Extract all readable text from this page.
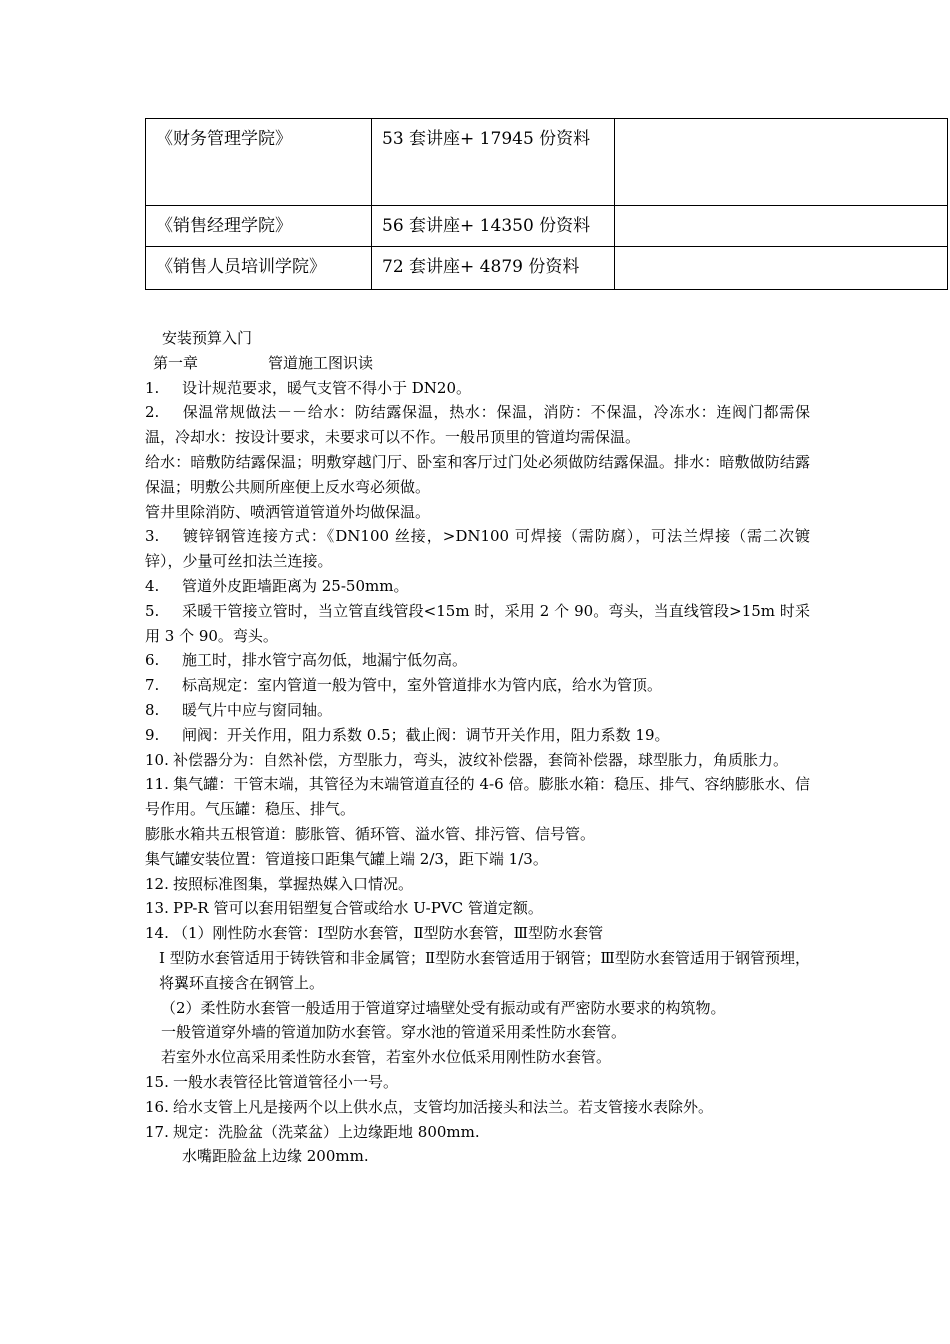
《财务管理学院》	53 套讲座+ 17945 份资料	
《销售经理学院》	56 套讲座+ 14350 份资料	
《销售人员培训学院》	72 套讲座+ 4879 份资料	

安装预算入门

第一章	管道施工图识读

1. 设计规范要求，暖气支管不得小于 DN20。

2. 保温常规做法－－给水：防结露保温，热水：保温，消防：不保温，冷冻水：连阀门都需保温，冷却水：按设计要求，未要求可以不作。一般吊顶里的管道均需保温。

给水：暗敷防结露保温；明敷穿越门厅、卧室和客厅过门处必须做防结露保温。排水：暗敷做防结露保温；明敷公共厕所座便上反水弯必须做。

管井里除消防、喷洒管道管道外均做保温。

3. 镀锌钢管连接方式：《DN100 丝接，>DN100 可焊接（需防腐），可法兰焊接（需二次镀锌），少量可丝扣法兰连接。

4. 管道外皮距墙距离为 25-50mm。

5. 采暖干管接立管时，当立管直线管段<15m 时，采用 2 个 90。弯头，当直线管段>15m 时采用 3 个 90。弯头。

6. 施工时，排水管宁高勿低，地漏宁低勿高。

7. 标高规定：室内管道一般为管中，室外管道排水为管内底，给水为管顶。

8. 暖气片中应与窗同轴。

9. 闸阀：开关作用，阻力系数 0.5；截止阀：调节开关作用，阻力系数 19。

10. 补偿器分为：自然补偿，方型胀力，弯头，波纹补偿器，套筒补偿器，球型胀力，角质胀力。

11. 集气罐：干管末端，其管径为末端管道直径的 4-6 倍。膨胀水箱：稳压、排气、容纳膨胀水、信号作用。气压罐：稳压、排气。

膨胀水箱共五根管道：膨胀管、循环管、溢水管、排污管、信号管。

集气罐安装位置：管道接口距集气罐上端 2/3，距下端 1/3。

12. 按照标准图集，掌握热媒入口情况。

13. PP-R 管可以套用铝塑复合管或给水 U-PVC 管道定额。

14. （1）刚性防水套管：Ⅰ型防水套管，Ⅱ型防水套管，Ⅲ型防水套管

Ⅰ 型防水套管适用于铸铁管和非金属管；Ⅱ型防水套管适用于钢管；Ⅲ型防水套管适用于钢管预埋，将翼环直接含在钢管上。

（2）柔性防水套管一般适用于管道穿过墙壁处受有振动或有严密防水要求的构筑物。

一般管道穿外墙的管道加防水套管。穿水池的管道采用柔性防水套管。

若室外水位高采用柔性防水套管，若室外水位低采用刚性防水套管。

15. 一般水表管径比管道管径小一号。

16. 给水支管上凡是接两个以上供水点，支管均加活接头和法兰。若支管接水表除外。

17. 规定：洗脸盆（洗菜盆）上边缘距地 800mm.

水嘴距脸盆上边缘 200mm.
